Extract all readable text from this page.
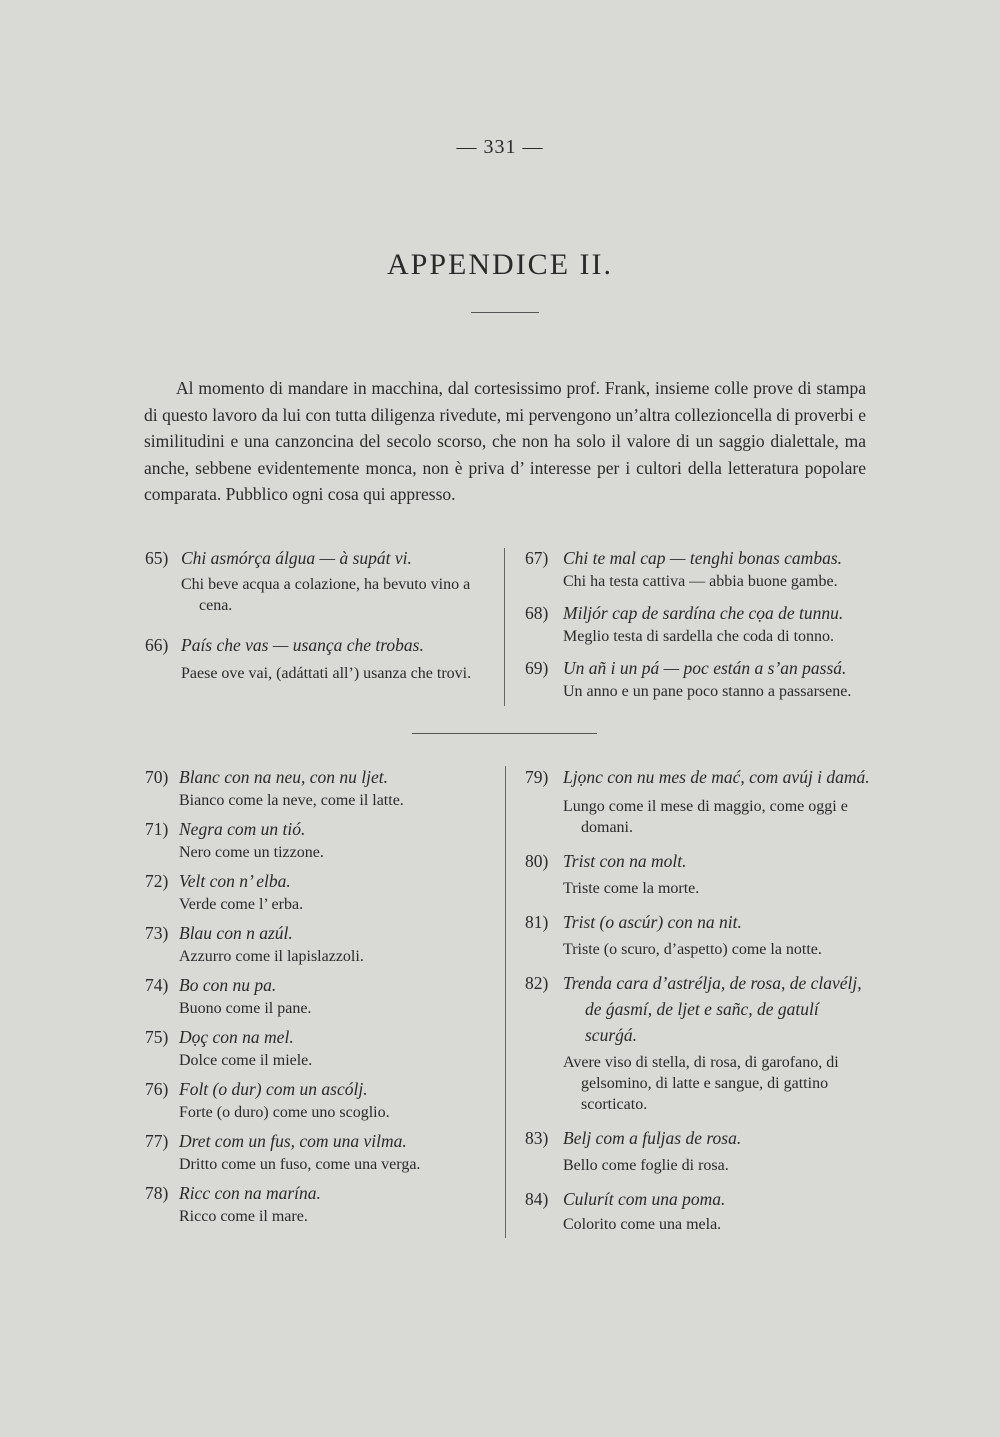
— 331 —
APPENDICE II.

Al momento di mandare in macchina, dal cortesissimo prof. Frank, insieme colle prove di stampa di questo lavoro da lui con tutta diligenza rivedute, mi pervengono un’altra collezioncella di proverbi e similitudini e una canzoncina del secolo scorso, che non ha solo il valore di un saggio dialettale, ma anche, sebbene evidentemente monca, non è priva d’ interesse per i cultori della letteratura popolare comparata. Pubblico ogni cosa qui appresso.

65) Chi asmórça álgua — à supát vi.
Chi beve acqua a colazione, ha bevuto vino a cena.
66) País che vas — usança che trobas.
Paese ove vai, (adáttati all’) usanza che trovi.
67) Chi te mal cap — tenghi bonas cambas.
Chi ha testa cattiva — abbia buone gambe.
68) Miljór cap de sardína che cọa de tunnu.
Meglio testa di sardella che coda di tonno.
69) Un añ i un pá — poc están a s’an passá.
Un anno e un pane poco stanno a passarsene.
70) Blanc con na neu, con nu ljet.
Bianco come la neve, come il latte.
71) Negra com un tió.
Nero come un tizzone.
72) Velt con n’ elba.
Verde come l’ erba.
73) Blau con n azúl.
Azzurro come il lapislazzoli.
74) Bo con nu pa.
Buono come il pane.
75) Dọç con na mel.
Dolce come il miele.
76) Folt (o dur) com un ascólj.
Forte (o duro) come uno scoglio.
77) Dret com un fus, com una vilma.
Dritto come un fuso, come una verga.
78) Ricc con na marína.
Ricco come il mare.
79) Ljọnc con nu mes de mać, com avúj i damá.
Lungo come il mese di maggio, come oggi e domani.
80) Trist con na molt.
Triste come la morte.
81) Trist (o ascúr) con na nit.
Triste (o scuro, d’aspetto) come la notte.
82) Trenda cara d’astrélja, de rosa, de clavélj, de ǵasmí, de ljet e sañc, de gatulí scurǵá.
Avere viso di stella, di rosa, di garofano, di gelsomino, di latte e sangue, di gattino scorticato.
83) Belj com a fuljas de rosa.
Bello come foglie di rosa.
84) Culurít com una poma.
Colorito come una mela.
